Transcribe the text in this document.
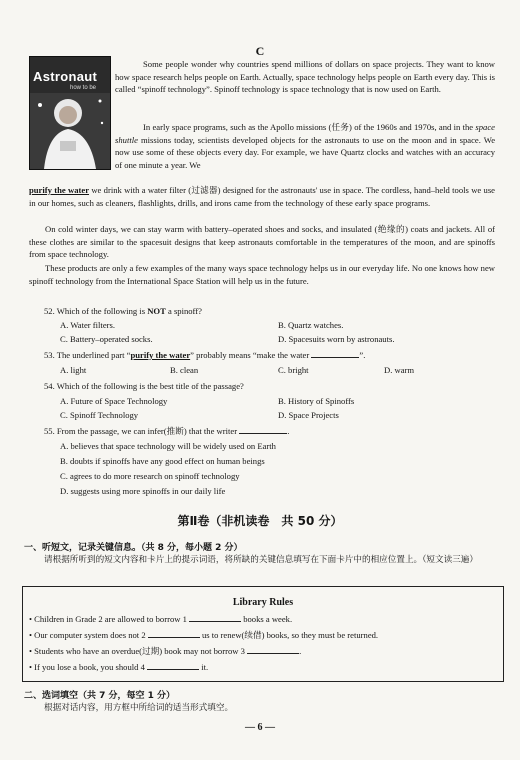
C
Astronaut
how to be

Some people wonder why countries spend millions of dollars on space projects. They want to know how space research helps people on Earth. Actually, space technology helps people on Earth every day. This is called “spinoff technology”. Spinoff technology is space technology that is now used on Earth.

In early space programs, such as the Apollo missions (任务) of the 1960s and 1970s, and in the space shuttle missions today, scientists developed objects for the astronauts to use on the moon and in space. We now use some of these objects every day. For example, we have Quartz clocks and watches with an accuracy of one minute a year. We

purify the water we drink with a water filter (过滤器) designed for the astronauts' use in space. The cordless, hand–held tools we use in our homes, such as cleaners, flashlights, drills, and irons came from the technology of these early space programs.

On cold winter days, we can stay warm with battery–operated shoes and socks, and insulated (绝缘的) coats and jackets. All of these clothes are similar to the spacesuit designs that keep astronauts comfortable in the temperatures of the moon, and are spinoffs from space technology.

These products are only a few examples of the many ways space technology helps us in our everyday life. No one knows how new spinoff technology from the International Space Station will help us in the future.

52. Which of the following is NOT a spinoff?
A. Water filters.	B. Quartz watches.
C. Battery–operated socks.	D. Spacesuits worn by astronauts.
53. The underlined part “purify the water” probably means “make the water	”.
A. light	B. clean	C. bright	D. warm
54. Which of the following is the best title of the passage?
A. Future of Space Technology	B. History of Spinoffs
C. Spinoff Technology	D. Space Projects
55. From the passage, we can infer(推断) that the writer	.
A. believes that space technology will be widely used on Earth
B. doubts if spinoffs have any good effect on human beings
C. agrees to do more research on spinoff technology
D. suggests using more spinoffs in our daily life
第Ⅱ卷（非机读卷　共 50 分）
一、听短文，记录关键信息。（共 8 分，每小题 2 分）
请根据所听到的短文内容和卡片上的提示词语，将所缺的关键信息填写在下面卡片中的相应位置上。（短文读三遍）
Library Rules
• Children in Grade 2 are allowed to borrow 1	books a week.
• Our computer system does not 2	us to renew(续借) books, so they must be returned.
• Students who have an overdue(过期) book may not borrow 3	.
• If you lose a book, you should 4	it.
二、选词填空（共 7 分，每空 1 分）
根据对话内容，用方框中所给词的适当形式填空。
— 6 —
